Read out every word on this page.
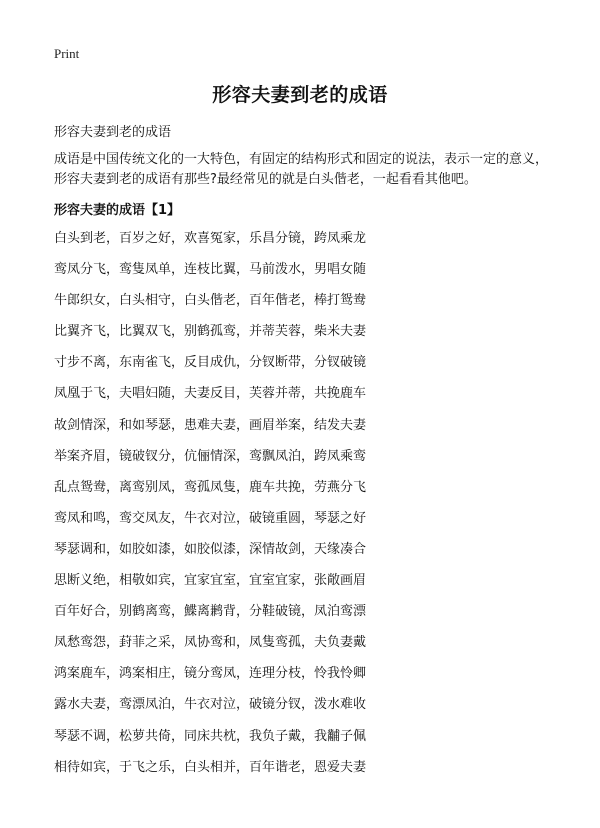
Print
形容夫妻到老的成语
形容夫妻到老的成语

成语是中国传统文化的一大特色，有固定的结构形式和固定的说法，表示一定的意义，形容夫妻到老的成语有那些?最经常见的就是白头偕老，一起看看其他吧。

形容夫妻的成语【1】
白头到老，百岁之好，欢喜冤家，乐昌分镜，跨凤乘龙
鸾凤分飞，鸾隻凤单，连枝比翼，马前泼水，男唱女随
牛郎织女，白头相守，白头偕老，百年偕老，棒打鸳鸯
比翼齐飞，比翼双飞，别鹤孤鸾，并蒂芙蓉，柴米夫妻
寸步不离，东南雀飞，反目成仇，分钗断带，分钗破镜
凤凰于飞，夫唱妇随，夫妻反目，芙蓉并蒂，共挽鹿车
故剑情深，和如琴瑟，患难夫妻，画眉举案，结发夫妻
举案齐眉，镜破钗分，伉俪情深，鸾飘凤泊，跨凤乘鸾
乱点鸳鸯，离鸾别凤，鸾孤凤隻，鹿车共挽，劳燕分飞
鸾凤和鸣，鸾交凤友，牛衣对泣，破镜重圆，琴瑟之好
琴瑟调和，如胶如漆，如胶似漆，深情故剑，天缘凑合
思断义绝，相敬如宾，宜家宜室，宜室宜家，张敞画眉
百年好合，别鹤离鸾，鰈离鹣背，分鞋破镜，凤泊鸾漂
凤愁鸾怨，葑菲之采，凤协鸾和，凤隻鸾孤，夫负妻戴
鸿案鹿车，鸿案相庄，镜分鸾凤，连理分枝，怜我怜卿
露水夫妻，鸾漂凤泊，牛衣对泣，破镜分钗，泼水难收
琴瑟不调，松萝共倚，同床共枕，我负子戴，我黼子佩
相待如宾，于飞之乐，白头相并，百年谐老，恩爱夫妻
